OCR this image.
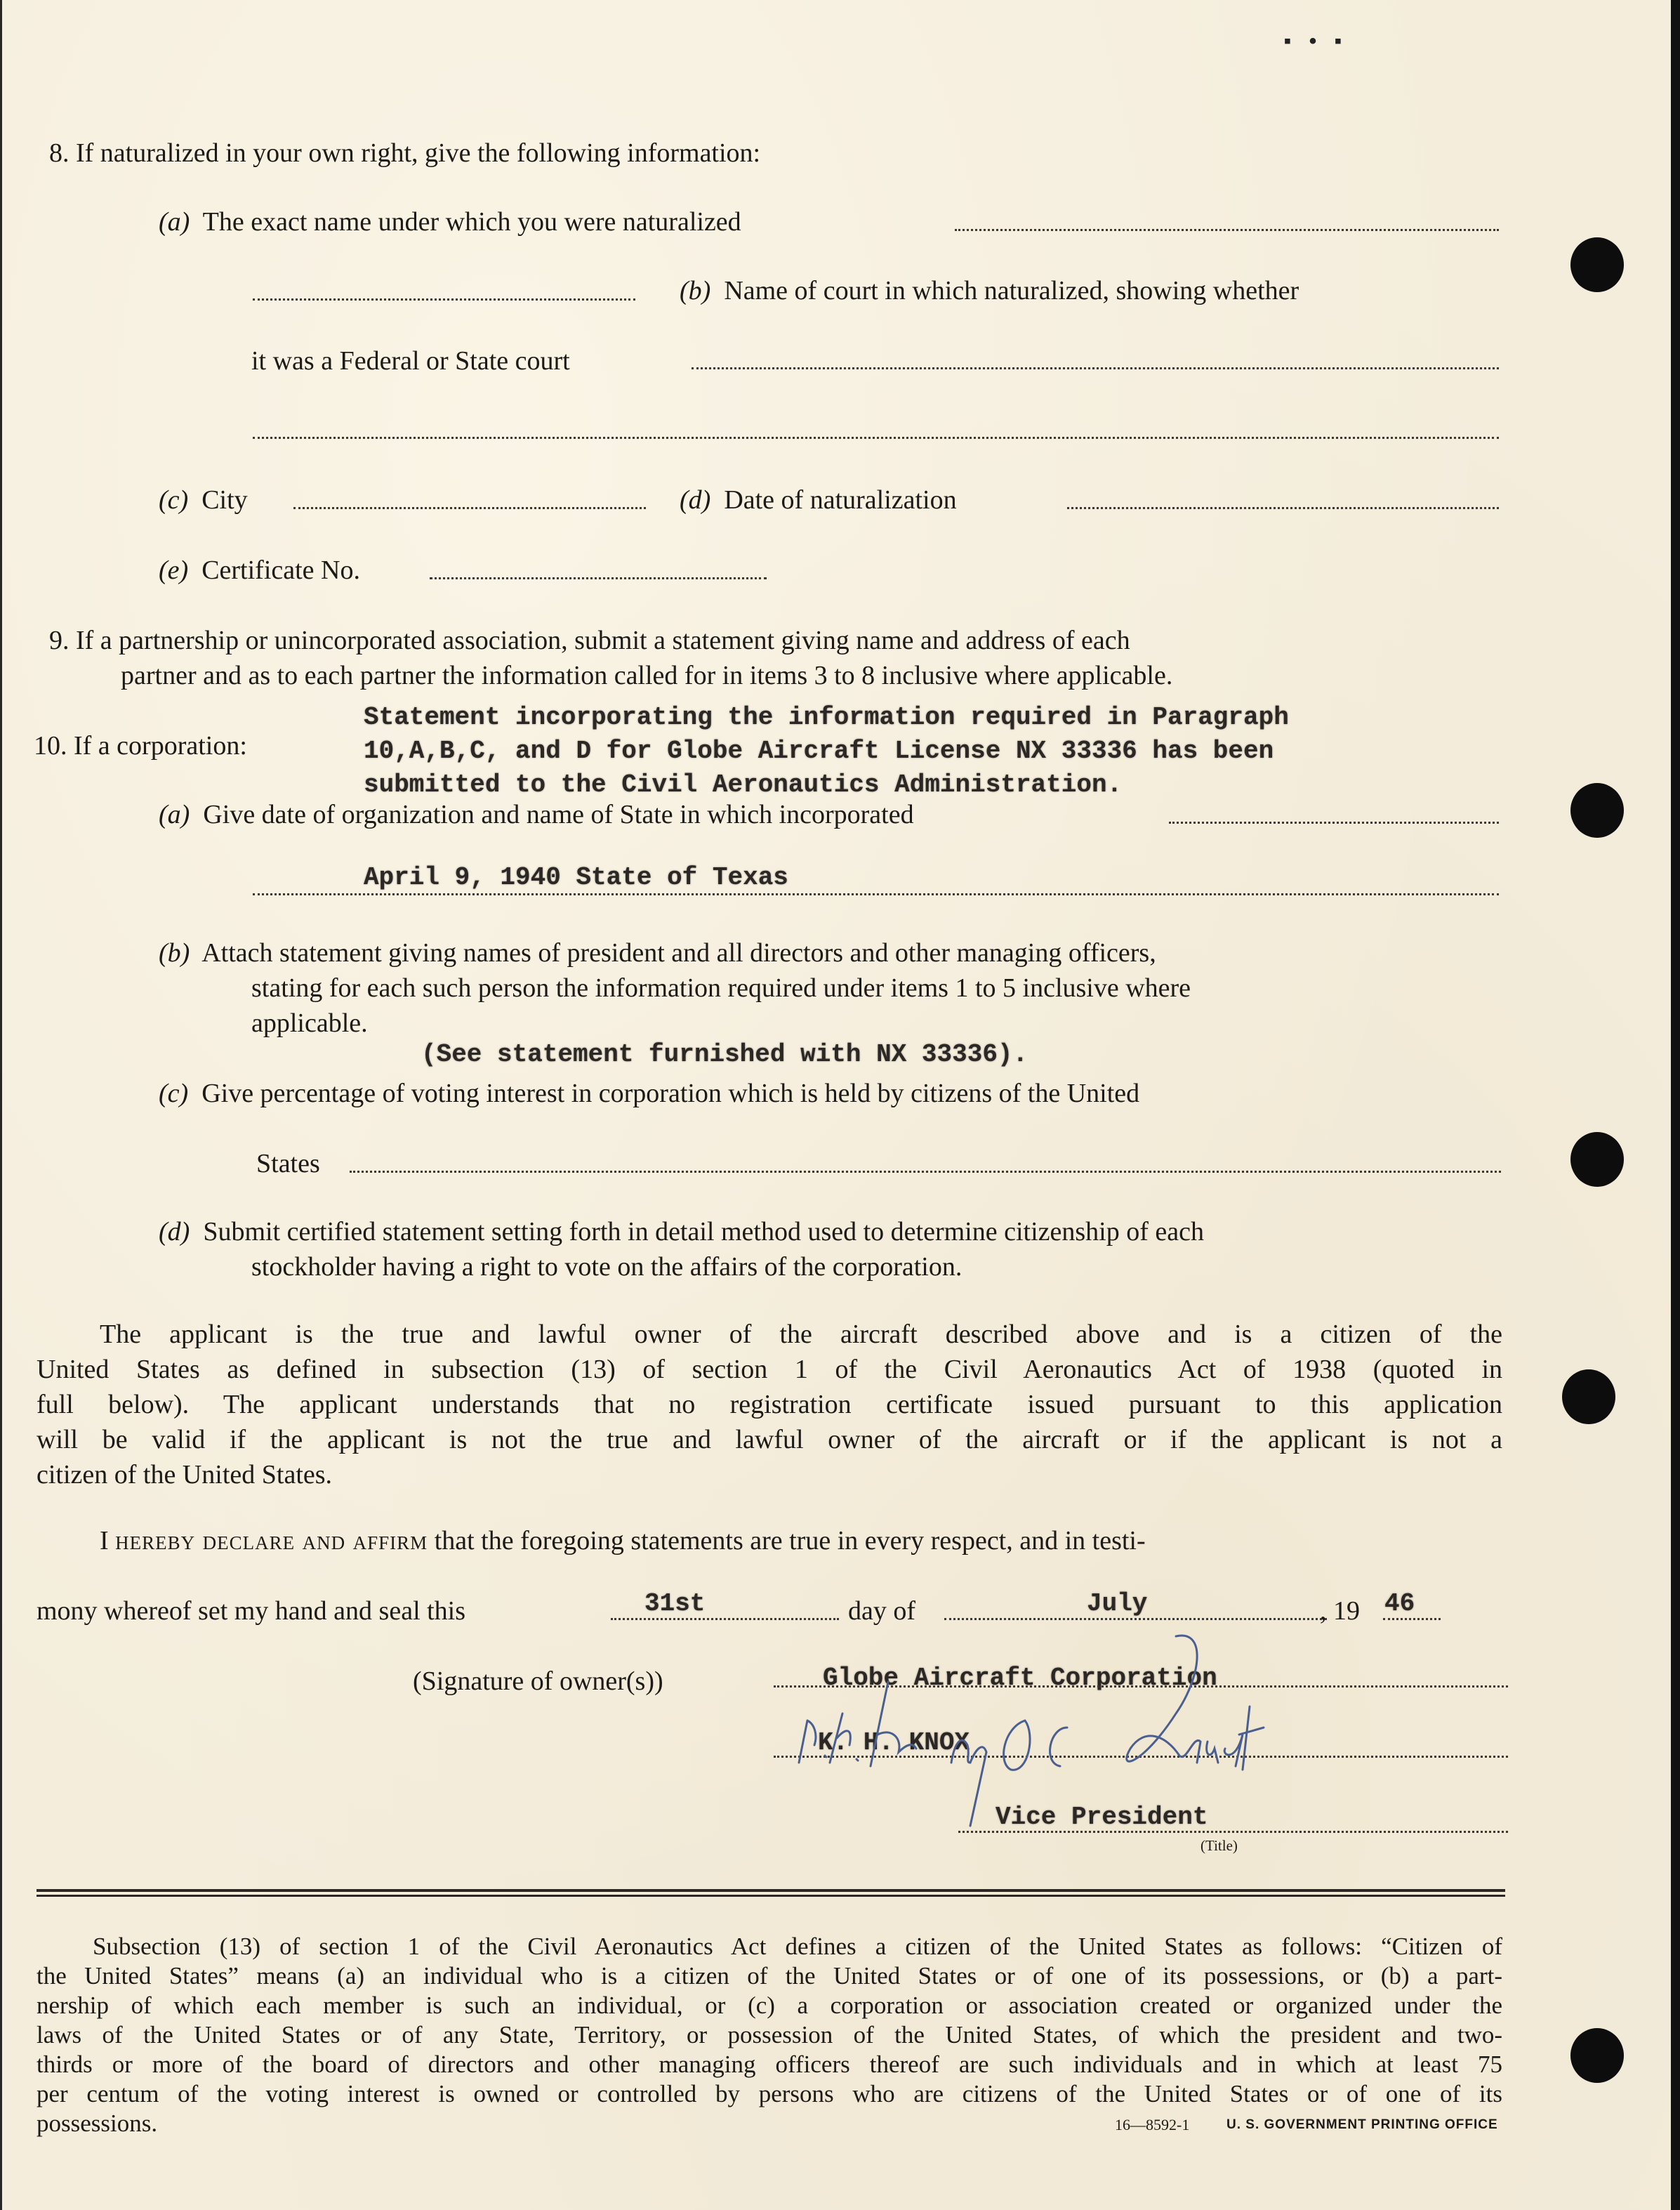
▪ • ▪
8. If naturalized in your own right, give the following information:
(a) The exact name under which you were naturalized
(b) Name of court in which naturalized, showing whether
it was a Federal or State court
(c) City	(d) Date of naturalization
(e) Certificate No.
9. If a partnership or unincorporated association, submit a statement giving name and address of each
partner and as to each partner the information called for in items 3 to 8 inclusive where applicable.
Statement incorporating the information required in Paragraph
10. If a corporation:	10,A,B,C, and D for Globe Aircraft License NX 33336 has been
submitted to the Civil Aeronautics Administration.
(a) Give date of organization and name of State in which incorporated
April 9, 1940 State of Texas
(b) Attach statement giving names of president and all directors and other managing officers,
stating for each such person the information required under items 1 to 5 inclusive where
applicable.
(See statement furnished with NX 33336).
(c) Give percentage of voting interest in corporation which is held by citizens of the United
States
(d) Submit certified statement setting forth in detail method used to determine citizenship of each
stockholder having a right to vote on the affairs of the corporation.
The applicant is the true and lawful owner of the aircraft described above and is a citizen of the
United States as defined in subsection (13) of section 1 of the Civil Aeronautics Act of 1938 (quoted in
full below). The applicant understands that no registration certificate issued pursuant to this application
will be valid if the applicant is not the true and lawful owner of the aircraft or if the applicant is not a
citizen of the United States.
I hereby declare and affirm that the foregoing statements are true in every respect, and in testi-
mony whereof set my hand and seal this	31st	day of	July	, 19 46
(Signature of owner(s))	Globe Aircraft Corporation
K. H. KNOX
Vice President
(Title)
Subsection (13) of section 1 of the Civil Aeronautics Act defines a citizen of the United States as follows: “Citizen of
the United States” means (a) an individual who is a citizen of the United States or of one of its possessions, or (b) a part-
nership of which each member is such an individual, or (c) a corporation or association created or organized under the
laws of the United States or of any State, Territory, or possession of the United States, of which the president and two-
thirds or more of the board of directors and other managing officers thereof are such individuals and in which at least 75
per centum of the voting interest is owned or controlled by persons who are citizens of the United States or of one of its
possessions.	16—8592-1	U. S. GOVERNMENT PRINTING OFFICE
